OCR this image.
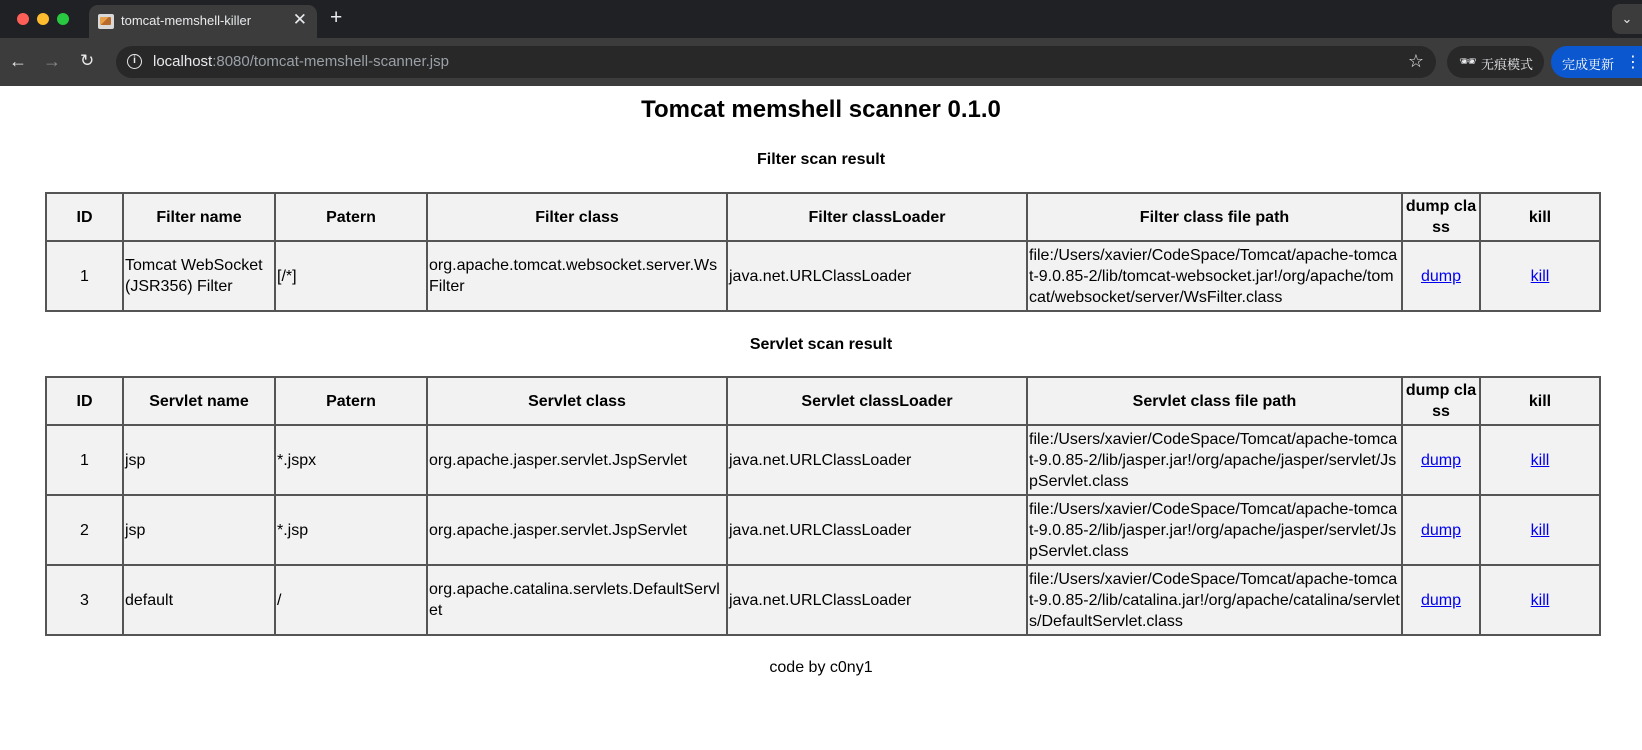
tomcat-memshell-killer ✕ +	⌄
← → ↻	i	localhost:8080/tomcat-memshell-scanner.jsp	☆	🕶 无痕模式 完成更新 ⋮
Tomcat memshell scanner 0.1.0
Filter scan result
ID	Filter name	Patern	Filter class	Filter classLoader	Filter class file path	dump class	kill
1	Tomcat WebSocket (JSR356) Filter	[/*]	org.apache.tomcat.websocket.server.WsFilter	java.net.URLClassLoader	file:/Users/xavier/CodeSpace/Tomcat/apache-tomcat-9.0.85-2/lib/tomcat-websocket.jar!/org/apache/tomcat/websocket/server/WsFilter.class	dump	kill
Servlet scan result
ID	Servlet name	Patern	Servlet class	Servlet classLoader	Servlet class file path	dump class	kill
1	jsp	*.jspx	org.apache.jasper.servlet.JspServlet	java.net.URLClassLoader	file:/Users/xavier/CodeSpace/Tomcat/apache-tomcat-9.0.85-2/lib/jasper.jar!/org/apache/jasper/servlet/JspServlet.class	dump	kill
2	jsp	*.jsp	org.apache.jasper.servlet.JspServlet	java.net.URLClassLoader	file:/Users/xavier/CodeSpace/Tomcat/apache-tomcat-9.0.85-2/lib/jasper.jar!/org/apache/jasper/servlet/JspServlet.class	dump	kill
3	default	/	org.apache.catalina.servlets.DefaultServlet	java.net.URLClassLoader	file:/Users/xavier/CodeSpace/Tomcat/apache-tomcat-9.0.85-2/lib/catalina.jar!/org/apache/catalina/servlets/DefaultServlet.class	dump	kill
code by c0ny1
